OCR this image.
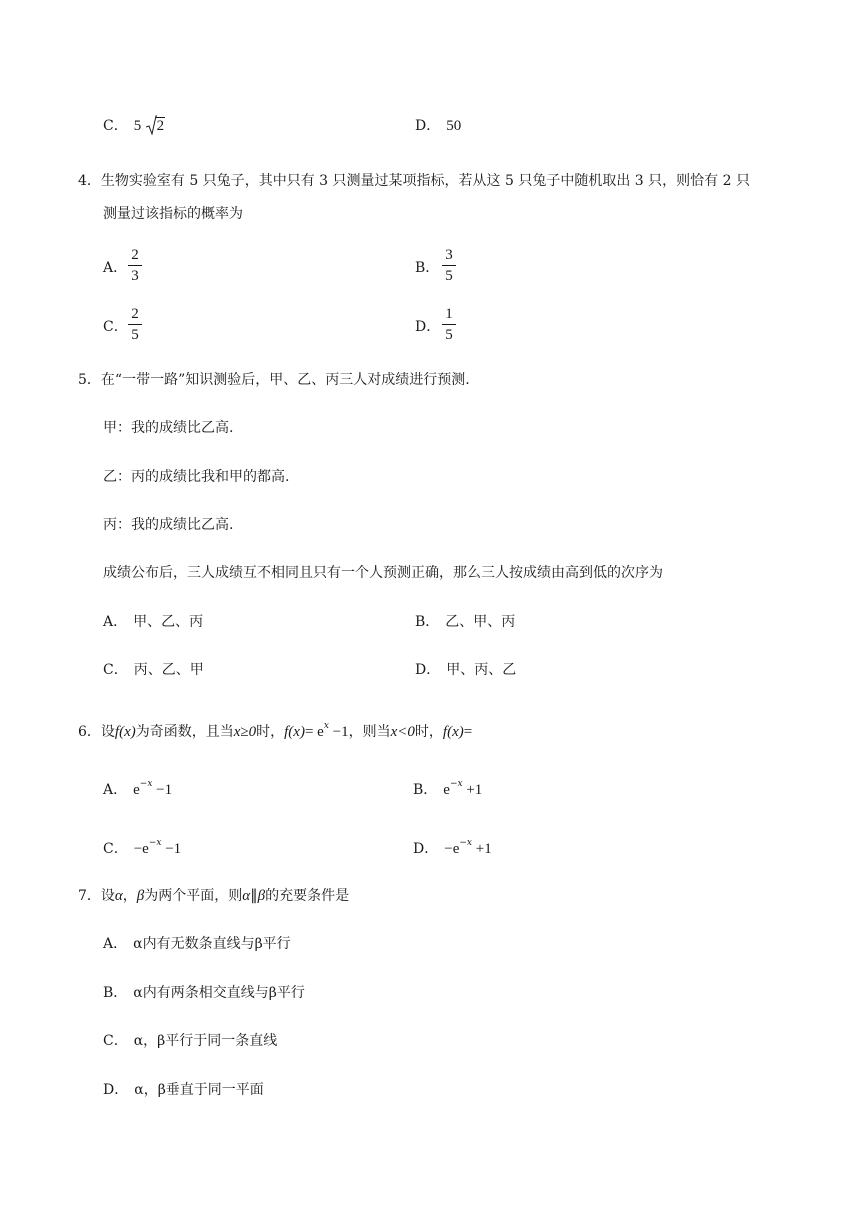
C． 5 2	D． 50
4．生物实验室有 5 只兔子，其中只有 3 只测量过某项指标，若从这 5 只兔子中随机取出 3 只，则恰有 2 只
测量过该指标的概率为
A．
2
3	B．
3
5
C．
2
5	D．
1
5
5．在“一带一路”知识测验后，甲、乙、丙三人对成绩进行预测.
甲：我的成绩比乙高.
乙：丙的成绩比我和甲的都高.
丙：我的成绩比乙高.
成绩公布后，三人成绩互不相同且只有一个人预测正确，那么三人按成绩由高到低的次序为
A． 甲、乙、丙	B． 乙、甲、丙
C． 丙、乙、甲	D． 甲、丙、乙
6．设f(x)为奇函数，且当x≥0时，$f(x)= e^x -1$，则当x<0时，f(x)=
A． $e^{-x} -1$	B． $e^{-x} +1$
C． $-e^{-x} -1$	D． $-e^{-x} +1$
7．设α，β为两个平面，则α∥β的充要条件是
A． α内有无数条直线与β平行
B． α内有两条相交直线与β平行
C． α，β平行于同一条直线
D． α，β垂直于同一平面
